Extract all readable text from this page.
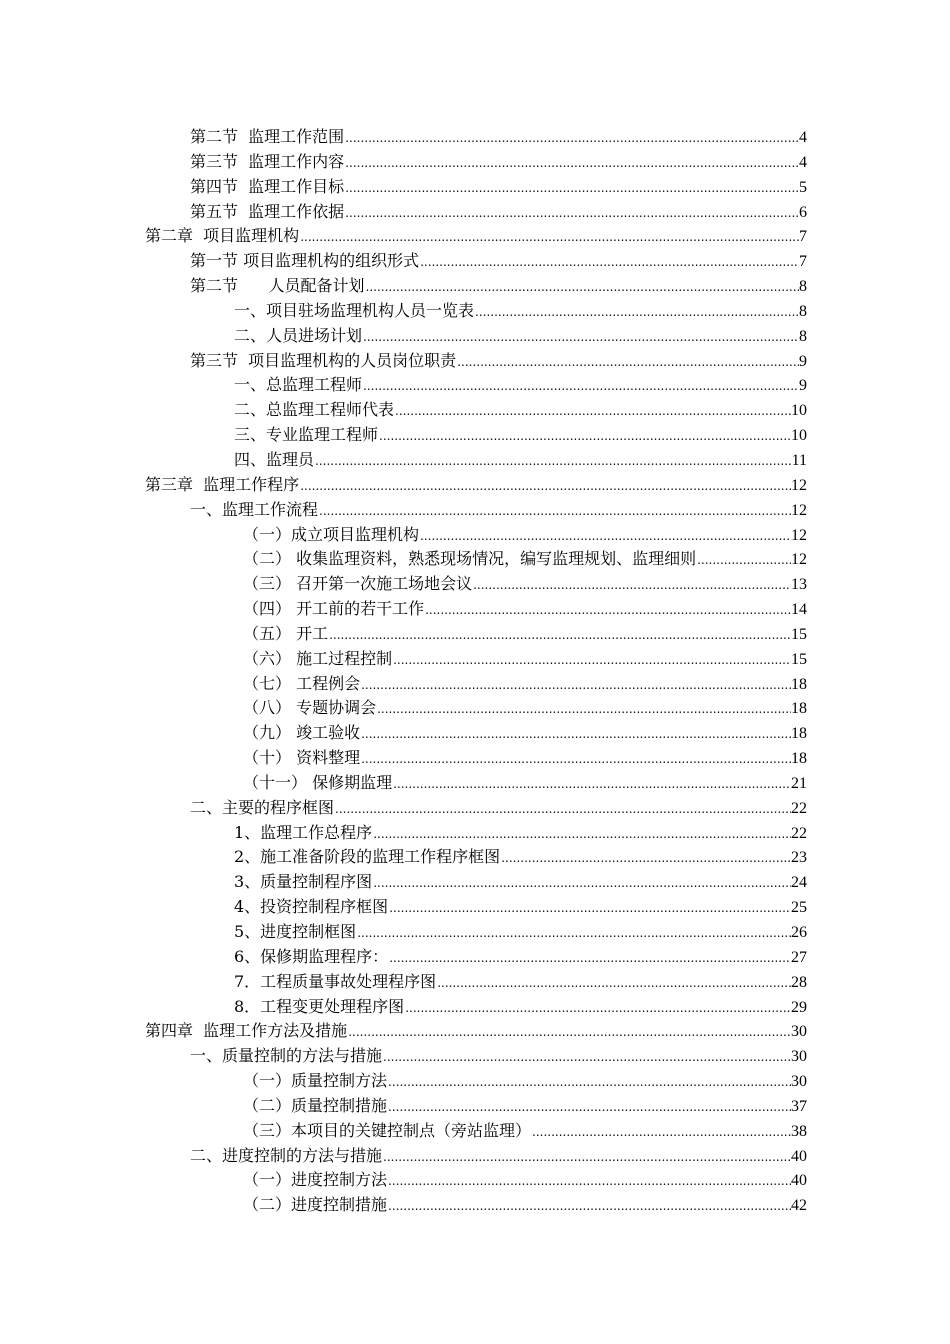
第二节  监理工作范围 .....	4
第三节  监理工作内容 .....	4
第四节  监理工作目标 .....	5
第五节  监理工作依据 .....	6
第二章  项目监理机构 .....	7
第一节 项目监理机构的组织形式 .....	7
第二节      人员配备计划 .....	8
一、项目驻场监理机构人员一览表 .....	8
二、人员进场计划 .....	8
第三节  项目监理机构的人员岗位职责 .....	9
一、总监理工程师 .....	9
二、总监理工程师代表 .....	10
三、专业监理工程师 .....	10
四、监理员 .....	11
第三章  监理工作程序 .....	12
一、监理工作流程 .....	12
（一）成立项目监理机构 .....	12
（二） 收集监理资料，熟悉现场情况，编写监理规划、监理细则 .....	12
（三） 召开第一次施工场地会议 .....	13
（四） 开工前的若干工作 .....	14
（五） 开工 .....	15
（六） 施工过程控制 .....	15
（七） 工程例会 .....	18
（八） 专题协调会 .....	18
（九） 竣工验收 .....	18
（十） 资料整理 .....	18
（十一） 保修期监理 .....	21
二、主要的程序框图 .....	22
1、监理工作总程序 .....	22
2、施工准备阶段的监理工作程序框图 .....	23
3、质量控制程序图 .....	24
4、投资控制程序框图 .....	25
5、进度控制框图 .....	26
6、保修期监理程序： .....	27
7．工程质量事故处理程序图 .....	28
8．工程变更处理程序图 .....	29
第四章  监理工作方法及措施 .....	30
一、质量控制的方法与措施 .....	30
（一）质量控制方法 .....	30
（二）质量控制措施 .....	37
（三）本项目的关键控制点（旁站监理） .....	38
二、进度控制的方法与措施 .....	40
（一）进度控制方法 .....	40
（二）进度控制措施 .....	42
